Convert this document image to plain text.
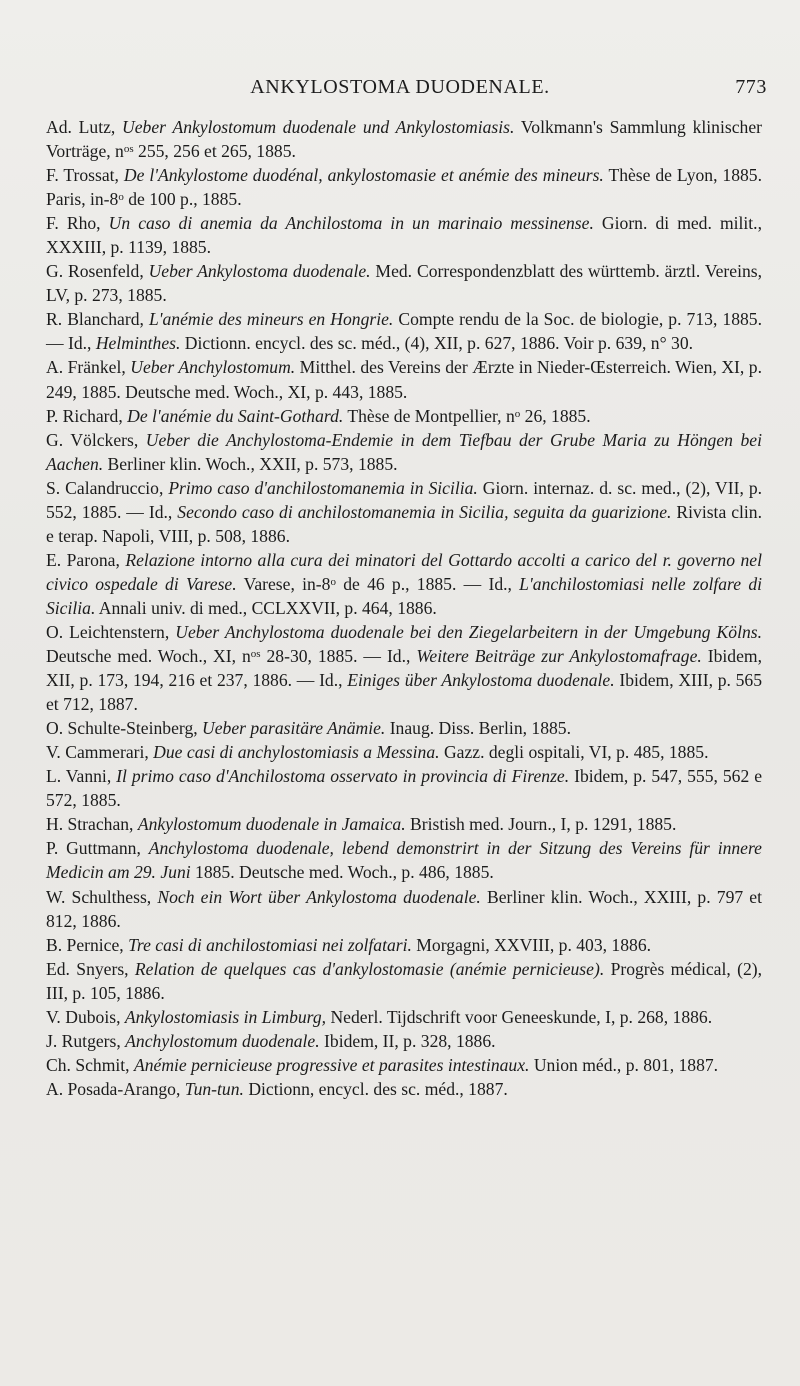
ANKYLOSTOMA DUODENALE.	773

Ad. Lutz, Ueber Ankylostomum duodenale und Ankylostomiasis. Volkmann's Sammlung klinischer Vorträge, $n^{os}$ 255, 256 et 265, 1885.

F. Trossat, De l'Ankylostome duodénal, ankylostomasie et anémie des mineurs. Thèse de Lyon, 1885. Paris, in-8$^o$ de 100 p., 1885.

F. Rho, Un caso di anemia da Anchilostoma in un marinaio messinense. Giorn. di med. milit., XXXIII, p. 1139, 1885.

G. Rosenfeld, Ueber Ankylostoma duodenale. Med. Correspondenzblatt des württemb. ärztl. Vereins, LV, p. 273, 1885.

R. Blanchard, L'anémie des mineurs en Hongrie. Compte rendu de la Soc. de biologie, p. 713, 1885. — Id., Helminthes. Dictionn. encycl. des sc. méd., (4), XII, p. 627, 1886. Voir p. 639, n° 30.

A. Fränkel, Ueber Anchylostomum. Mitthel. des Vereins der Ærzte in Nieder-Œsterreich. Wien, XI, p. 249, 1885. Deutsche med. Woch., XI, p. 443, 1885.

P. Richard, De l'anémie du Saint-Gothard. Thèse de Montpellier, $n^o$ 26, 1885.

G. Völckers, Ueber die Anchylostoma-Endemie in dem Tiefbau der Grube Maria zu Höngen bei Aachen. Berliner klin. Woch., XXII, p. 573, 1885.

S. Calandruccio, Primo caso d'anchilostomanemia in Sicilia. Giorn. internaz. d. sc. med., (2), VII, p. 552, 1885. — Id., Secondo caso di anchilostomanemia in Sicilia, seguita da guarizione. Rivista clin. e terap. Napoli, VIII, p. 508, 1886.

E. Parona, Relazione intorno alla cura dei minatori del Gottardo accolti a carico del r. governo nel civico ospedale di Varese. Varese, in-8$^o$ de 46 p., 1885. — Id., L'anchilostomiasi nelle zolfare di Sicilia. Annali univ. di med., CCLXXVII, p. 464, 1886.

O. Leichtenstern, Ueber Anchylostoma duodenale bei den Ziegelarbeitern in der Umgebung Kölns. Deutsche med. Woch., XI, $n^{os}$ 28-30, 1885. — Id., Weitere Beiträge zur Ankylostomafrage. Ibidem, XII, p. 173, 194, 216 et 237, 1886. — Id., Einiges über Ankylostoma duodenale. Ibidem, XIII, p. 565 et 712, 1887.

O. Schulte-Steinberg, Ueber parasitäre Anämie. Inaug. Diss. Berlin, 1885.

V. Cammerari, Due casi di anchylostomiasis a Messina. Gazz. degli ospitali, VI, p. 485, 1885.

L. Vanni, Il primo caso d'Anchilostoma osservato in provincia di Firenze. Ibidem, p. 547, 555, 562 e 572, 1885.

H. Strachan, Ankylostomum duodenale in Jamaica. Bristish med. Journ., I, p. 1291, 1885.

P. Guttmann, Anchylostoma duodenale, lebend demonstrirt in der Sitzung des Vereins für innere Medicin am 29. Juni 1885. Deutsche med. Woch., p. 486, 1885.

W. Schulthess, Noch ein Wort über Ankylostoma duodenale. Berliner klin. Woch., XXIII, p. 797 et 812, 1886.

B. Pernice, Tre casi di anchilostomiasi nei zolfatari. Morgagni, XXVIII, p. 403, 1886.

Ed. Snyers, Relation de quelques cas d'ankylostomasie (anémie pernicieuse). Progrès médical, (2), III, p. 105, 1886.

V. Dubois, Ankylostomiasis in Limburg, Nederl. Tijdschrift voor Geneeskunde, I, p. 268, 1886.

J. Rutgers, Anchylostomum duodenale. Ibidem, II, p. 328, 1886.

Ch. Schmit, Anémie pernicieuse progressive et parasites intestinaux. Union méd., p. 801, 1887.

A. Posada-Arango, Tun-tun. Dictionn, encycl. des sc. méd., 1887.
